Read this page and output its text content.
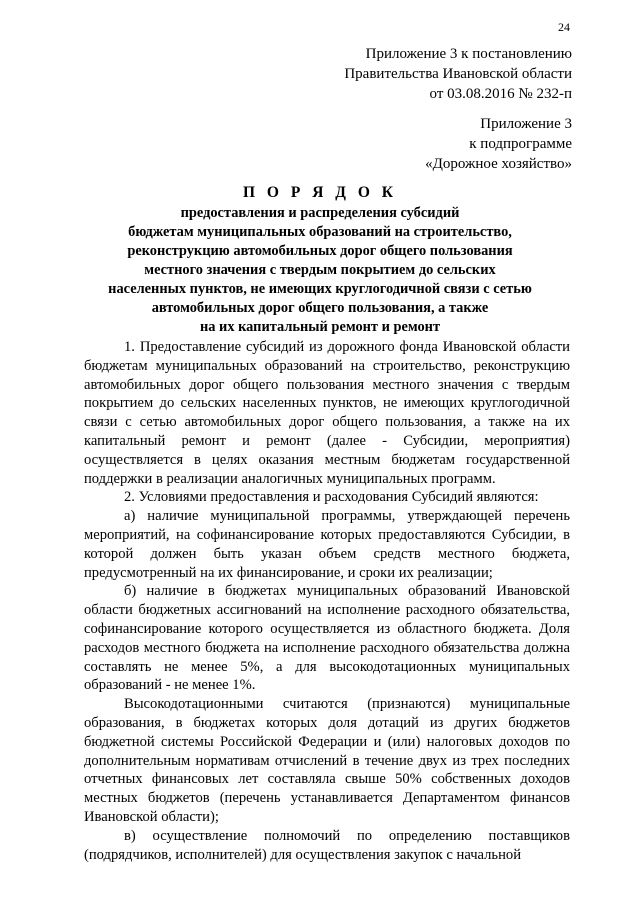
24
Приложение 3 к постановлению
Правительства Ивановской области
от 03.08.2016 № 232-п
Приложение 3
к подпрограмме
«Дорожное хозяйство»
П О Р Я Д О К
предоставления и распределения субсидий
бюджетам муниципальных образований на строительство,
реконструкцию автомобильных дорог общего пользования
местного значения с твердым покрытием до сельских
населенных пунктов, не имеющих круглогодичной связи с сетью
автомобильных дорог общего пользования, а также
на их капитальный ремонт и ремонт

1. Предоставление субсидий из дорожного фонда Ивановской области бюджетам муниципальных образований на строительство, реконструкцию автомобильных дорог общего пользования местного значения с твердым покрытием до сельских населенных пунктов, не имеющих круглогодичной связи с сетью автомобильных дорог общего пользования, а также на их капитальный ремонт и ремонт (далее - Субсидии, мероприятия) осуществляется в целях оказания местным бюджетам государственной поддержки в реализации аналогичных муниципальных программ.

2. Условиями предоставления и расходования Субсидий являются:

а) наличие муниципальной программы, утверждающей перечень мероприятий, на софинансирование которых предоставляются Субсидии, в которой должен быть указан объем средств местного бюджета, предусмотренный на их финансирование, и сроки их реализации;

б) наличие в бюджетах муниципальных образований Ивановской области бюджетных ассигнований на исполнение расходного обязательства, софинансирование которого осуществляется из областного бюджета. Доля расходов местного бюджета на исполнение расходного обязательства должна составлять не менее 5%, а для высокодотационных муниципальных образований - не менее 1%.

Высокодотационными считаются (признаются) муниципальные образования, в бюджетах которых доля дотаций из других бюджетов бюджетной системы Российской Федерации и (или) налоговых доходов по дополнительным нормативам отчислений в течение двух из трех последних отчетных финансовых лет составляла свыше 50% собственных доходов местных бюджетов (перечень устанавливается Департаментом финансов Ивановской области);

в) осуществление полномочий по определению поставщиков (подрядчиков, исполнителей) для осуществления закупок с начальной
